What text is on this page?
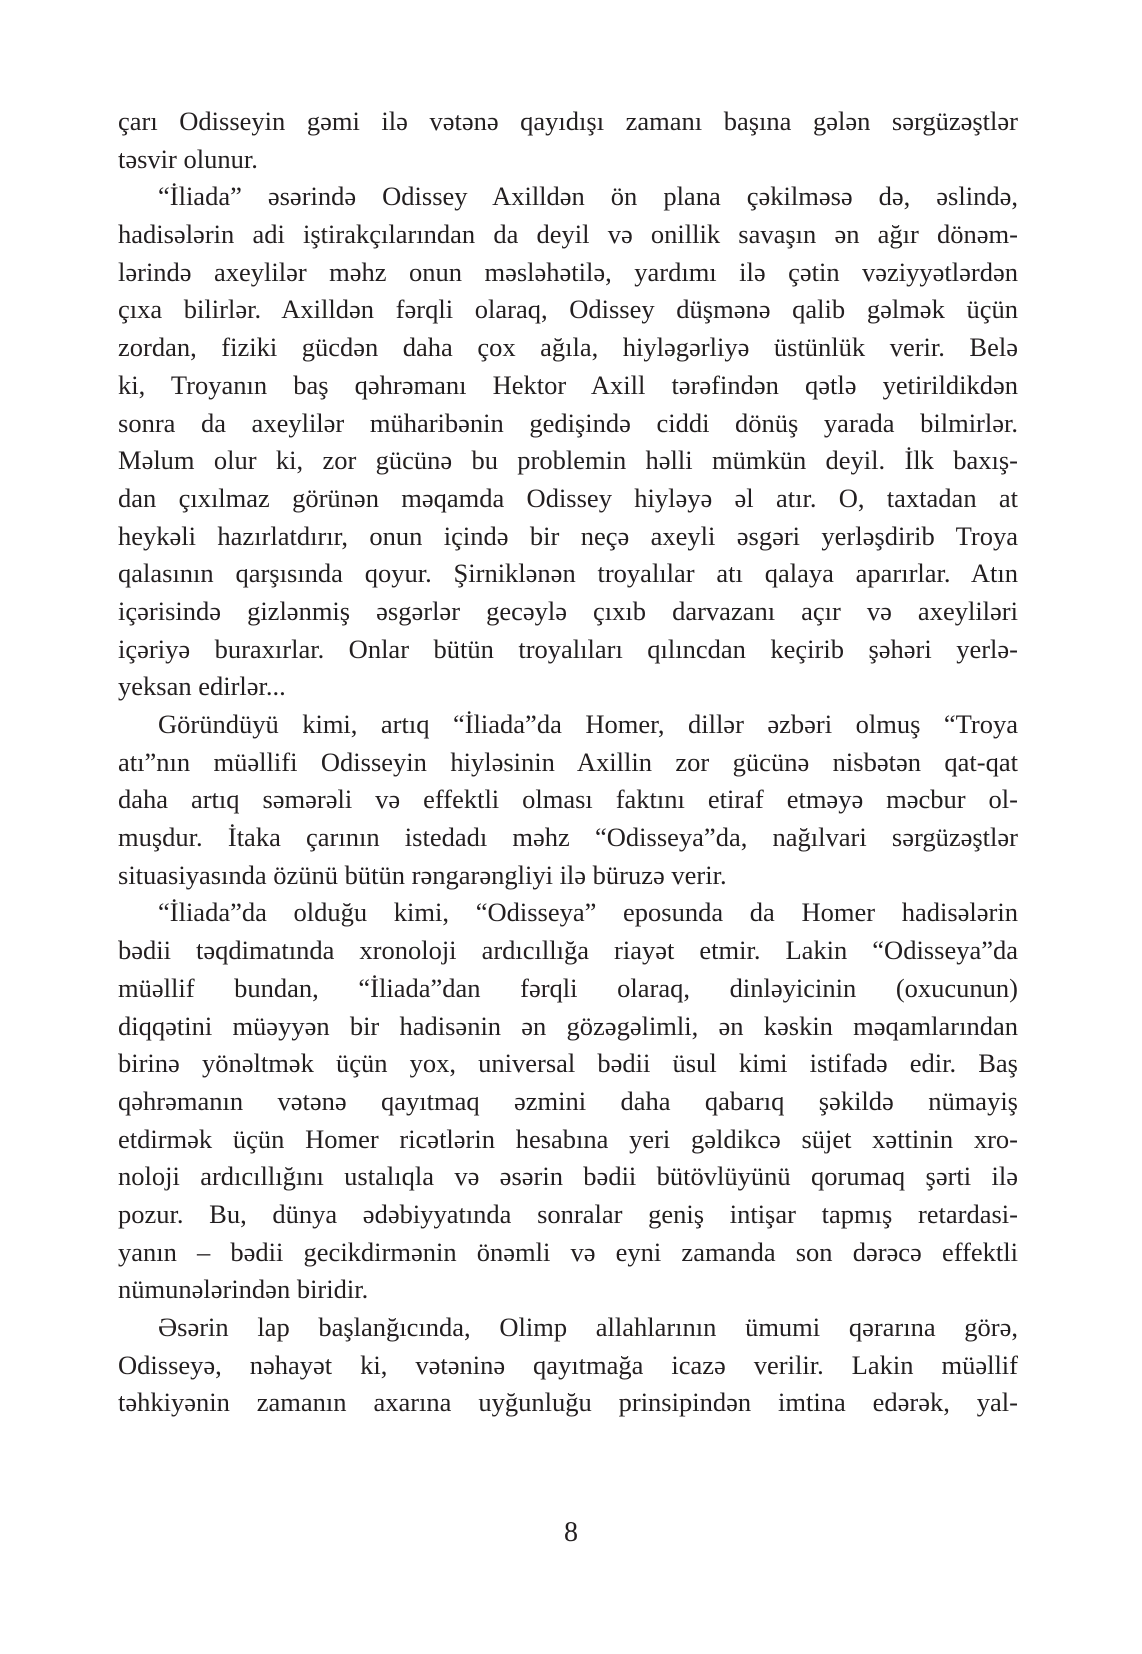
çarı Odisseyin gəmi ilə vətənə qayıdışı zamanı başına gələn sərgüzəştlər
təsvir olunur.
“İliada” əsərində Odissey Axilldən ön plana çəkilməsə də, əslində,
hadisələrin adi iştirakçılarından da deyil və onillik savaşın ən ağır dönəm-
lərində axeylilər məhz onun məsləhətilə, yardımı ilə çətin vəziyyətlərdən
çıxa bilirlər. Axilldən fərqli olaraq, Odissey düşmənə qalib gəlmək üçün
zordan, fiziki gücdən daha çox ağıla, hiyləgərliyə üstünlük verir. Belə
ki, Troyanın baş qəhrəmanı Hektor Axill tərəfindən qətlə yetirildikdən
sonra da axeylilər müharibənin gedişində ciddi dönüş yarada bilmirlər.
Məlum olur ki, zor gücünə bu problemin həlli mümkün deyil. İlk baxış-
dan çıxılmaz görünən məqamda Odissey hiyləyə əl atır. O, taxtadan at
heykəli hazırlatdırır, onun içində bir neçə axeyli əsgəri yerləşdirib Troya
qalasının qarşısında qoyur. Şirniklənən troyalılar atı qalaya aparırlar. Atın
içərisində gizlənmiş əsgərlər gecəylə çıxıb darvazanı açır və axeyliləri
içəriyə buraxırlar. Onlar bütün troyalıları qılıncdan keçirib şəhəri yerlə-
yeksan edirlər...
Göründüyü kimi, artıq “İliada”da Homer, dillər əzbəri olmuş “Troya
atı”nın müəllifi Odisseyin hiyləsinin Axillin zor gücünə nisbətən qat-qat
daha artıq səmərəli və effektli olması faktını etiraf etməyə məcbur ol-
muşdur. İtaka çarının istedadı məhz “Odisseya”da, nağılvari sərgüzəştlər
situasiyasında özünü bütün rəngarəngliyi ilə büruzə verir.
“İliada”da olduğu kimi, “Odisseya” eposunda da Homer hadisələrin
bədii təqdimatında xronoloji ardıcıllığa riayət etmir. Lakin “Odisseya”da
müəllif bundan, “İliada”dan fərqli olaraq, dinləyicinin (oxucunun)
diqqətini müəyyən bir hadisənin ən gözəgəlimli, ən kəskin məqamlarından
birinə yönəltmək üçün yox, universal bədii üsul kimi istifadə edir. Baş
qəhrəmanın vətənə qayıtmaq əzmini daha qabarıq şəkildə nümayiş
etdirmək üçün Homer ricətlərin hesabına yeri gəldikcə süjet xəttinin xro-
noloji ardıcıllığını ustalıqla və əsərin bədii bütövlüyünü qorumaq şərti ilə
pozur. Bu, dünya ədəbiyyatında sonralar geniş intişar tapmış retardasi-
yanın – bədii gecikdirmənin önəmli və eyni zamanda son dərəcə effektli
nümunələrindən biridir.
Əsərin lap başlanğıcında, Olimp allahlarının ümumi qərarına görə,
Odisseyə, nəhayət ki, vətəninə qayıtmağa icazə verilir. Lakin müəllif
təhkiyənin zamanın axarına uyğunluğu prinsipindən imtina edərək, yal-
8
